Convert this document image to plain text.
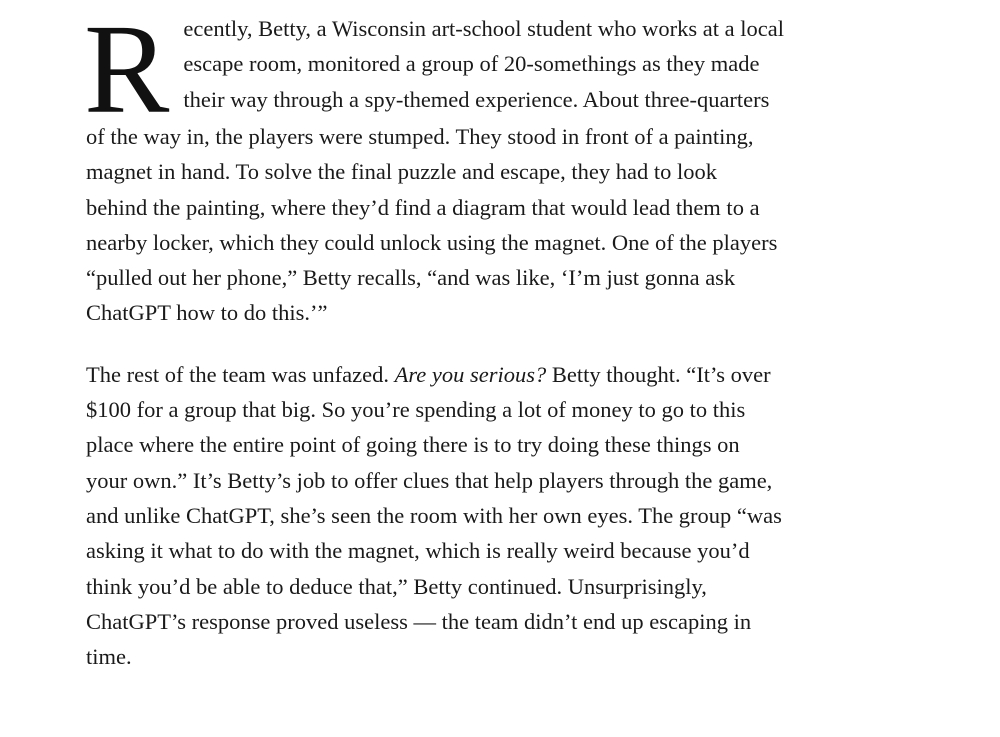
R ecently, Betty, a Wisconsin art-school student who works at a local
escape room, monitored a group of 20-somethings as they made
their way through a spy-themed experience. About three-quarters
of the way in, the players were stumped. They stood in front of a painting,
magnet in hand. To solve the final puzzle and escape, they had to look
behind the painting, where they’d find a diagram that would lead them to a
nearby locker, which they could unlock using the magnet. One of the players
“pulled out her phone,” Betty recalls, “and was like, ‘I’m just gonna ask
ChatGPT how to do this.’”

The rest of the team was unfazed. Are you serious? Betty thought. “It’s over
$100 for a group that big. So you’re spending a lot of money to go to this
place where the entire point of going there is to try doing these things on
your own.” It’s Betty’s job to offer clues that help players through the game,
and unlike ChatGPT, she’s seen the room with her own eyes. The group “was
asking it what to do with the magnet, which is really weird because you’d
think you’d be able to deduce that,” Betty continued. Unsurprisingly,
ChatGPT’s response proved useless — the team didn’t end up escaping in
time.
